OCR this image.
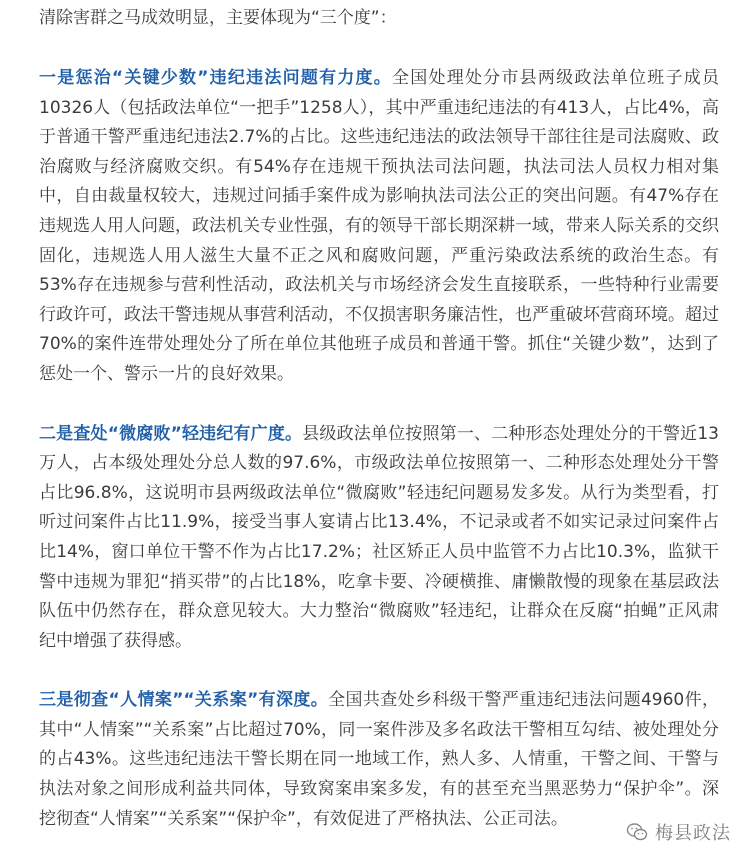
清除害群之马成效明显，主要体现为“三个度”：

一是惩治“关键少数”违纪违法问题有力度。全国处理处分市县两级政法单位班子成员10326人（包括政法单位“一把手”1258人），其中严重违纪违法的有413人，占比4%，高于普通干警严重违纪违法2.7%的占比。这些违纪违法的政法领导干部往往是司法腐败、政治腐败与经济腐败交织。有54%存在违规干预执法司法问题，执法司法人员权力相对集中，自由裁量权较大，违规过问插手案件成为影响执法司法公正的突出问题。有47%存在违规选人用人问题，政法机关专业性强，有的领导干部长期深耕一域，带来人际关系的交织固化，违规选人用人滋生大量不正之风和腐败问题，严重污染政法系统的政治生态。有53%存在违规参与营利性活动，政法机关与市场经济会发生直接联系，一些特种行业需要行政许可，政法干警违规从事营利活动，不仅损害职务廉洁性，也严重破坏营商环境。超过70%的案件连带处理处分了所在单位其他班子成员和普通干警。抓住“关键少数”，达到了惩处一个、警示一片的良好效果。

二是查处“微腐败”轻违纪有广度。县级政法单位按照第一、二种形态处理处分的干警近13万人，占本级处理处分总人数的97.6%，市级政法单位按照第一、二种形态处理处分干警占比96.8%，这说明市县两级政法单位“微腐败”轻违纪问题易发多发。从行为类型看，打听过问案件占比11.9%，接受当事人宴请占比13.4%，不记录或者不如实记录过问案件占比14%，窗口单位干警不作为占比17.2%；社区矫正人员中监管不力占比10.3%，监狱干警中违规为罪犯“捎买带”的占比18%，吃拿卡要、冷硬横推、庸懒散慢的现象在基层政法队伍中仍然存在，群众意见较大。大力整治“微腐败”轻违纪，让群众在反腐“拍蝇”正风肃纪中增强了获得感。

三是彻查“人情案”“关系案”有深度。全国共查处乡科级干警严重违纪违法问题4960件，其中“人情案”“关系案”占比超过70%，同一案件涉及多名政法干警相互勾结、被处理处分的占43%。这些违纪违法干警长期在同一地域工作，熟人多、人情重，干警之间、干警与执法对象之间形成利益共同体，导致窝案串案多发，有的甚至充当黑恶势力“保护伞”。深挖彻查“人情案”“关系案”“保护伞”，有效促进了严格执法、公正司法。

梅县政法
